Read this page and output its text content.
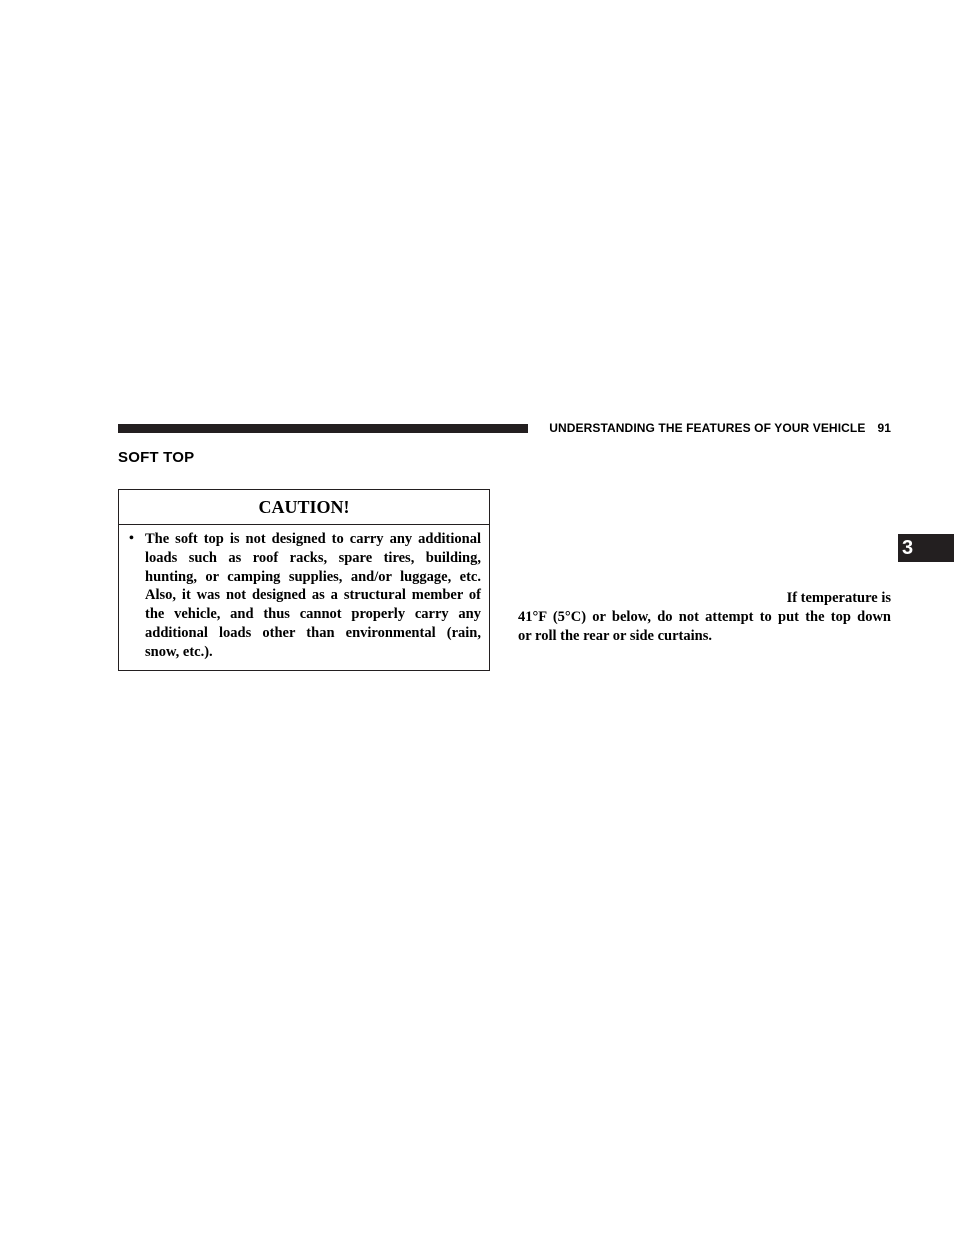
UNDERSTANDING THE FEATURES OF YOUR VEHICLE 91
SOFT TOP
CAUTION!
• The soft top is not designed to carry any additional loads such as roof racks, spare tires, building, hunting, or camping supplies, and/or luggage, etc. Also, it was not designed as a structural member of the vehicle, and thus cannot properly carry any additional loads other than environmental (rain, snow, etc.).
3
If temperature is
41°F (5°C) or below, do not attempt to put the top down
or roll the rear or side curtains.
